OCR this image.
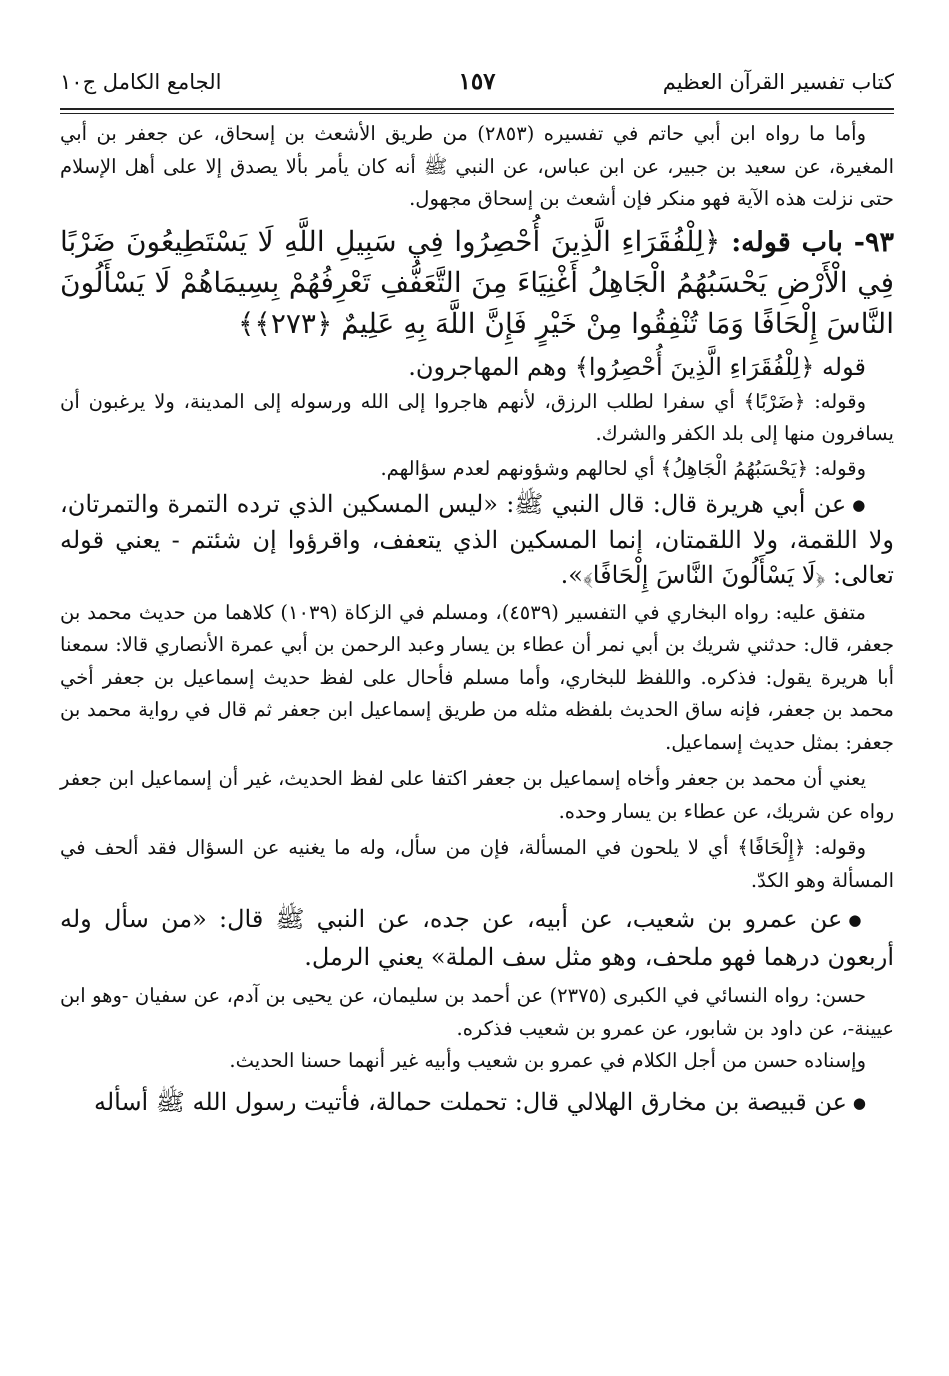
كتاب تفسير القرآن العظيم
١٥٧
الجامع الكامل ج١٠

وأما ما رواه ابن أبي حاتم في تفسيره (٢٨٥٣) من طريق الأشعث بن إسحاق، عن جعفر بن أبي المغيرة، عن سعيد بن جبير، عن ابن عباس، عن النبي ﷺ أنه كان يأمر بألا يصدق إلا على أهل الإسلام حتى نزلت هذه الآية فهو منكر فإن أشعث بن إسحاق مجهول.

٩٣- باب قوله: ﴿لِلْفُقَرَاءِ الَّذِينَ أُحْصِرُوا فِي سَبِيلِ اللَّهِ لَا يَسْتَطِيعُونَ ضَرْبًا فِي الْأَرْضِ يَحْسَبُهُمُ الْجَاهِلُ أَغْنِيَاءَ مِنَ التَّعَفُّفِ تَعْرِفُهُمْ بِسِيمَاهُمْ لَا يَسْأَلُونَ النَّاسَ إِلْحَافًا وَمَا تُنْفِقُوا مِنْ خَيْرٍ فَإِنَّ اللَّهَ بِهِ عَلِيمٌ ﴿٢٧٣﴾﴾

قوله ﴿لِلْفُقَرَاءِ الَّذِينَ أُحْصِرُوا﴾ وهم المهاجرون.

وقوله: ﴿ضَرْبًا﴾ أي سفرا لطلب الرزق، لأنهم هاجروا إلى الله ورسوله إلى المدينة، ولا يرغبون أن يسافرون منها إلى بلد الكفر والشرك.

وقوله: ﴿يَحْسَبُهُمُ الْجَاهِلُ﴾ أي لحالهم وشؤونهم لعدم سؤالهم.

●عن أبي هريرة قال: قال النبي ﷺ: «ليس المسكين الذي ترده التمرة والتمرتان، ولا اللقمة، ولا اللقمتان، إنما المسكين الذي يتعفف، واقرؤوا إن شئتم - يعني قوله تعالى: ﴿لَا يَسْأَلُونَ النَّاسَ إِلْحَافًا﴾».

متفق عليه: رواه البخاري في التفسير (٤٥٣٩)، ومسلم في الزكاة (١٠٣٩) كلاهما من حديث محمد بن جعفر، قال: حدثني شريك بن أبي نمر أن عطاء بن يسار وعبد الرحمن بن أبي عمرة الأنصاري قالا: سمعنا أبا هريرة يقول: فذكره. واللفظ للبخاري، وأما مسلم فأحال على لفظ حديث إسماعيل بن جعفر أخي محمد بن جعفر، فإنه ساق الحديث بلفظه مثله من طريق إسماعيل ابن جعفر ثم قال في رواية محمد بن جعفر: بمثل حديث إسماعيل.

يعني أن محمد بن جعفر وأخاه إسماعيل بن جعفر اكتفا على لفظ الحديث، غير أن إسماعيل ابن جعفر رواه عن شريك، عن عطاء بن يسار وحده.

وقوله: ﴿إِلْحَافًا﴾ أي لا يلحون في المسألة، فإن من سأل، وله ما يغنيه عن السؤال فقد ألحف في المسألة وهو الكدّ.

●عن عمرو بن شعيب، عن أبيه، عن جده، عن النبي ﷺ قال: «من سأل وله أربعون درهما فهو ملحف، وهو مثل سف الملة» يعني الرمل.

حسن: رواه النسائي في الكبرى (٢٣٧٥) عن أحمد بن سليمان، عن يحيى بن آدم، عن سفيان -وهو ابن عيينة-، عن داود بن شابور، عن عمرو بن شعيب فذكره.

وإسناده حسن من أجل الكلام في عمرو بن شعيب وأبيه غير أنهما حسنا الحديث.

●عن قبيصة بن مخارق الهلالي قال: تحملت حمالة، فأتيت رسول الله ﷺ أسأله
